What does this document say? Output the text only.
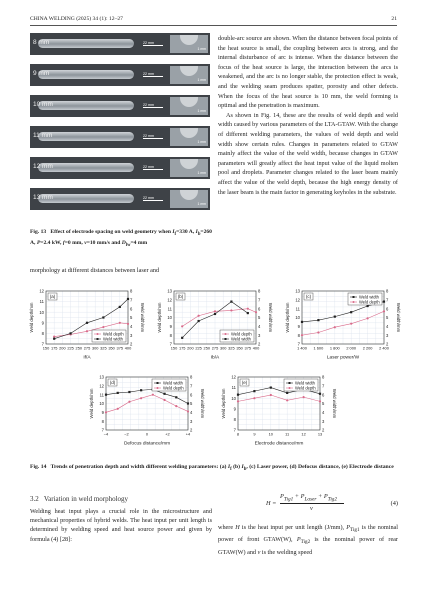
CHINA WELDING (2025) 34 (1): 12–27	21
8 mm	22 mm
1 mm
9 mm	22 mm
1 mm
10 mm	22 mm
1 mm
11 mm	22 mm
1 mm
12 mm	22 mm
1 mm
13 mm	22 mm
1 mm
Fig. 13   Effect of electrode spacing on weld geometry when $I_f=330$ A, $I_b=260$ A, P=2.4 kW, f=0 mm, v=10 mm/s and $D_{lw}=4$ mm
morphology at different distances between laser and

double-arc source are shown. When the distance between focal points of the heat source is small, the coupling between arcs is strong, and the internal disturbance of arc is intense. When the distance between the focus of the heat source is large, the interaction between the arcs is weakened, and the arc is no longer stable, the protection effect is weak, and the welding seam produces spatter, porosity and other defects. When the focus of the heat source is 10 mm, the weld forming is optimal and the penetration is maximum.

As shown in Fig. 14, these are the results of weld depth and weld width caused by various parameters of the LTA-GTAW. With the change of different welding parameters, the values of weld depth and weld width show certain rules. Changes in parameters related to GTAW mainly affect the value of the weld width, because changes in GTAW parameters will greatly affect the heat input value of the liquid molten pool and droplets. Parameter changes related to the laser beam mainly affect the value of the weld depth, because the high energy density of the laser beam is the main factor in generating keyholes in the substrate.

7
8
9
10
11
12
2
3
4
5
6
7
8
150 175 200 225 250 275 300 325 350 375 400
If/A
Weld depth/mm	Weld width/mm
(a)
Weld depth
Weld width
7
8
9
10
11
12
13
2
3
4
5
6
7
8
150 175 200 225 250 275 300 325 350 375 400
Ib/A
Weld depth/mm	Weld width/mm
(b)
Weld depth
Weld width
7
8
9
10
11
12
13
2
3
4
5
6
7
8
1 400 1 600 1 800 2 000 2 200 2 400
Laser power/W
Weld depth/mm	Weld width/mm
(c)	Weld width
Weld depth
7
8
9
10
11
12
13
2
3
4
5
6
7
8
−4	−2	0	+2	+4
Defocus distance/mm
Weld depth/mm	Weld width/mm
(d)	Weld width
Weld depth
7
8
9
10
11
12
2
3
4
5
6
7
8
8	9	10	11	12	13
Electrode distance/mm
Weld depth/mm	Weld width/mm
(e)	Weld width
Weld depth
Fig. 14   Trends of penetration depth and width different welding parameters: (a) $I_f$ (b) $I_b$, (c) Laser power, (d) Defocus distance, (e) Electrode distance
3.2 Variation in weld morphology
Welding heat input plays a crucial role in the microstructure and mechanical properties of hybrid welds. The heat input per unit length is determined by welding speed and heat source power and given by formula (4) [28]:
H =
$P_{Tig1} + P_{Laser} + P_{Tig2}$
v
(4)
where H is the heat input per unit length (J/mm), $P_{Tig1}$ is the nominal power of front GTAW(W), $P_{Tig2}$ is the nominal power of rear GTAW(W) and v is the welding speed
